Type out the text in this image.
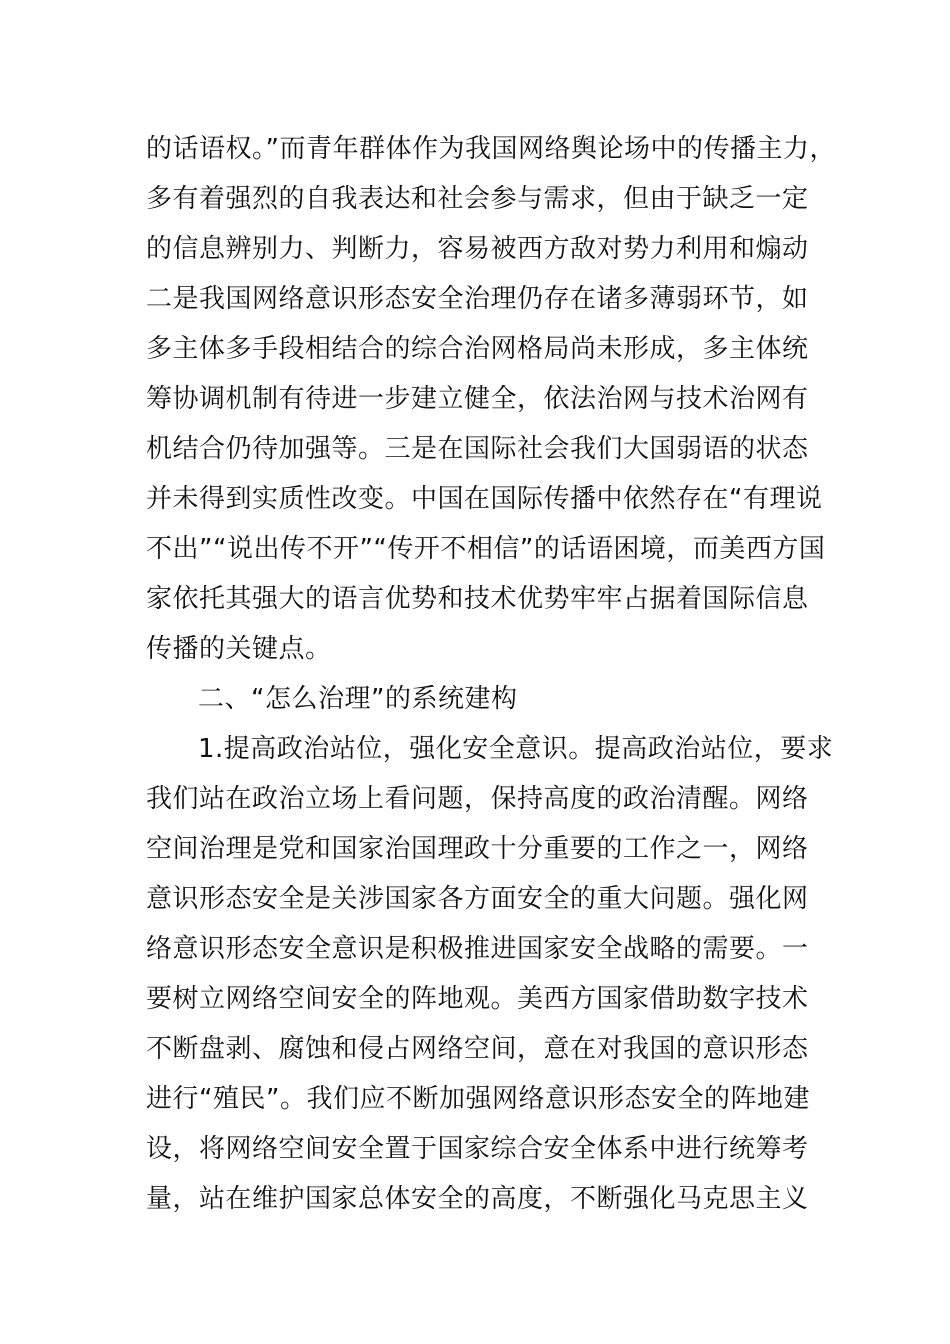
的话语权。”而青年群体作为我国网络舆论场中的传播主力，
多有着强烈的自我表达和社会参与需求，但由于缺乏一定
的信息辨别力、判断力，容易被西方敌对势力利用和煽动
二是我国网络意识形态安全治理仍存在诸多薄弱环节，如
多主体多手段相结合的综合治网格局尚未形成，多主体统
筹协调机制有待进一步建立健全，依法治网与技术治网有
机结合仍待加强等。三是在国际社会我们大国弱语的状态
并未得到实质性改变。中国在国际传播中依然存在“有理说
不出”“说出传不开”“传开不相信”的话语困境，而美西方国
家依托其强大的语言优势和技术优势牢牢占据着国际信息
传播的关键点。
二、“怎么治理”的系统建构
1.提高政治站位，强化安全意识。提高政治站位，要求
我们站在政治立场上看问题，保持高度的政治清醒。网络
空间治理是党和国家治国理政十分重要的工作之一，网络
意识形态安全是关涉国家各方面安全的重大问题。强化网
络意识形态安全意识是积极推进国家安全战略的需要。一
要树立网络空间安全的阵地观。美西方国家借助数字技术
不断盘剥、腐蚀和侵占网络空间，意在对我国的意识形态
进行“殖民”。我们应不断加强网络意识形态安全的阵地建
设，将网络空间安全置于国家综合安全体系中进行统筹考
量，站在维护国家总体安全的高度，不断强化马克思主义
